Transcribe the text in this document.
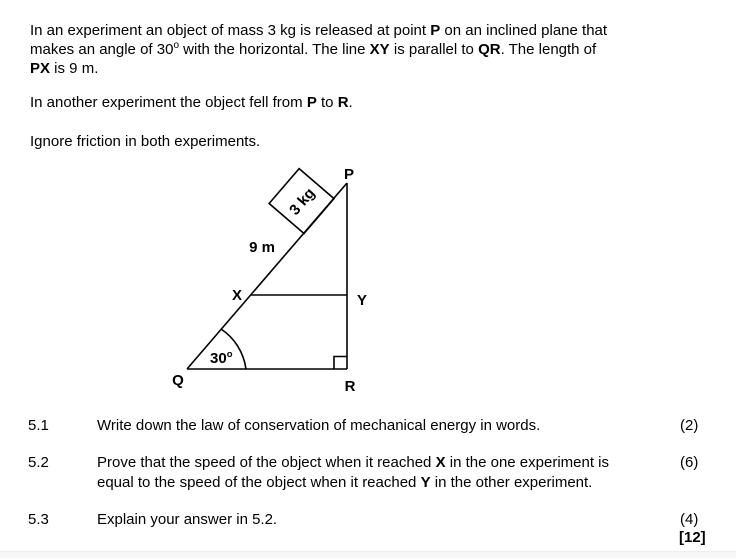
In an experiment an object of mass 3 kg is released at point P on an inclined plane that
makes an angle of 30$^o$ with the horizontal. The line XY is parallel to QR. The length of
PX is 9 m.
In another experiment the object fell from P to R.
Ignore friction in both experiments.
3 kg
P
Q	R
X	Y
9 m
30$^o$
5.1	Write down the law of conservation of mechanical energy in words.	(2)
5.2	Prove that the speed of the object when it reached X in the one experiment is
equal to the speed of the object when it reached Y in the other experiment.
(6)
5.3	Explain your answer in 5.2.	(4)
[12]
